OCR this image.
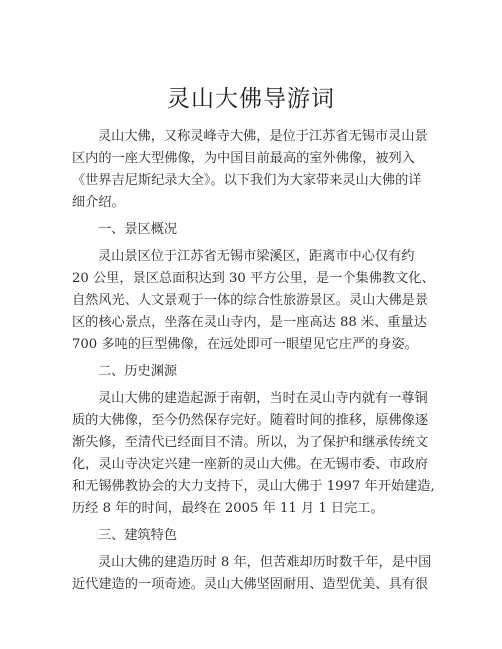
灵山大佛导游词
灵山大佛，又称灵峰寺大佛，是位于江苏省无锡市灵山景
区内的一座大型佛像，为中国目前最高的室外佛像，被列入
《世界吉尼斯纪录大全》。以下我们为大家带来灵山大佛的详
细介绍。
一、景区概况
灵山景区位于江苏省无锡市梁溪区，距离市中心仅有约
20 公里，景区总面积达到 30 平方公里，是一个集佛教文化、
自然风光、人文景观于一体的综合性旅游景区。灵山大佛是景
区的核心景点，坐落在灵山寺内，是一座高达 88 米、重量达
700 多吨的巨型佛像，在远处即可一眼望见它庄严的身姿。
二、历史渊源
灵山大佛的建造起源于南朝，当时在灵山寺内就有一尊铜
质的大佛像，至今仍然保存完好。随着时间的推移，原佛像逐
渐失修，至清代已经面目不清。所以，为了保护和继承传统文
化，灵山寺决定兴建一座新的灵山大佛。在无锡市委、市政府
和无锡佛教协会的大力支持下，灵山大佛于 1997 年开始建造,
历经 8 年的时间，最终在 2005 年 11 月 1 日完工。
三、建筑特色
灵山大佛的建造历时 8 年，但苦难却历时数千年，是中国
近代建造的一项奇迹。灵山大佛坚固耐用、造型优美、具有很
